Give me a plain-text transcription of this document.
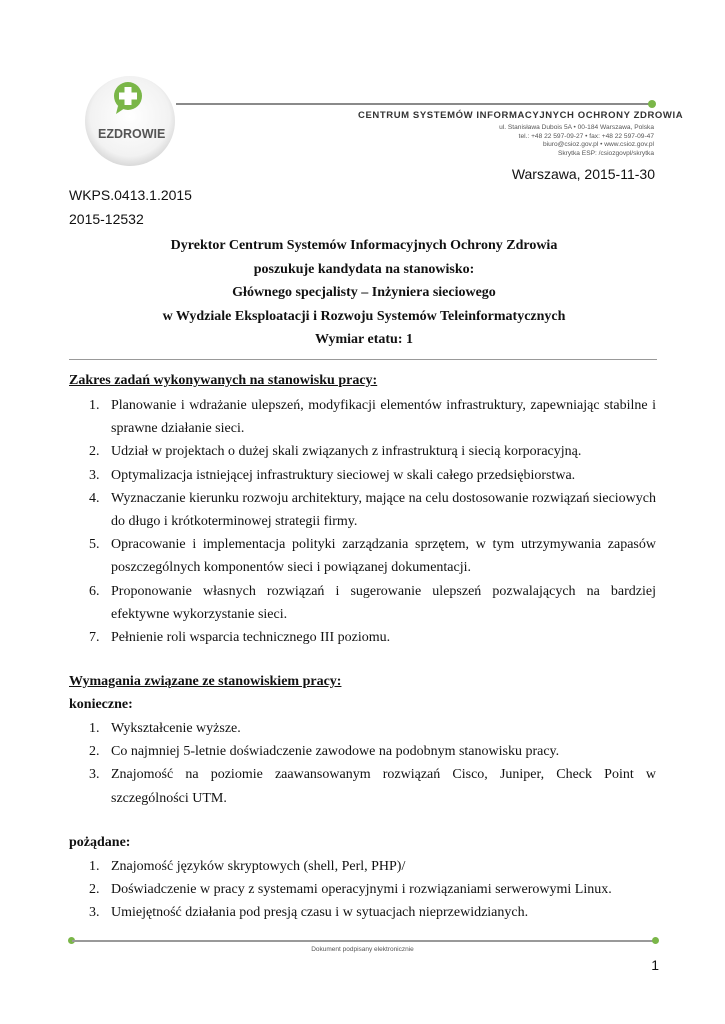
EZDROWIE
CENTRUM SYSTEMÓW INFORMACYJNYCH OCHRONY ZDROWIA
ul. Stanisława Dubois 5A • 00-184 Warszawa, Polska
tel.: +48 22 597-09-27 • fax: +48 22 597-09-47
biuro@csioz.gov.pl • www.csioz.gov.pl
Skrytka ESP: /csiozgovpl/skrytka
Warszawa, 2015-11-30
WKPS.0413.1.2015
2015-12532
Dyrektor Centrum Systemów Informacyjnych Ochrony Zdrowia
poszukuje kandydata na stanowisko:
Głównego specjalisty – Inżyniera sieciowego
w Wydziale Eksploatacji i Rozwoju Systemów Teleinformatycznych
Wymiar etatu: 1
Zakres zadań wykonywanych na stanowisku pracy:
1. Planowanie i wdrażanie ulepszeń, modyfikacji elementów infrastruktury, zapewniając stabilne i sprawne działanie sieci.
2. Udział w projektach o dużej skali związanych z infrastrukturą i siecią korporacyjną.
3. Optymalizacja istniejącej infrastruktury sieciowej w skali całego przedsiębiorstwa.
4. Wyznaczanie kierunku rozwoju architektury, mające na celu dostosowanie rozwiązań sieciowych do długo i krótkoterminowej strategii firmy.
5. Opracowanie i implementacja polityki zarządzania sprzętem, w tym utrzymywania zapasów poszczególnych komponentów sieci i powiązanej dokumentacji.
6. Proponowanie własnych rozwiązań i sugerowanie ulepszeń pozwalających na bardziej efektywne wykorzystanie sieci.
7. Pełnienie roli wsparcia technicznego III poziomu.
Wymagania związane ze stanowiskiem pracy:
konieczne:
1. Wykształcenie wyższe.
2. Co najmniej 5-letnie doświadczenie zawodowe na podobnym stanowisku pracy.
3. Znajomość na poziomie zaawansowanym rozwiązań Cisco, Juniper, Check Point w szczególności UTM.
pożądane:
1. Znajomość języków skryptowych (shell, Perl, PHP)/
2. Doświadczenie w pracy z systemami operacyjnymi i rozwiązaniami serwerowymi Linux.
3. Umiejętność działania pod presją czasu i w sytuacjach nieprzewidzianych.
Dokument podpisany elektronicznie
1
